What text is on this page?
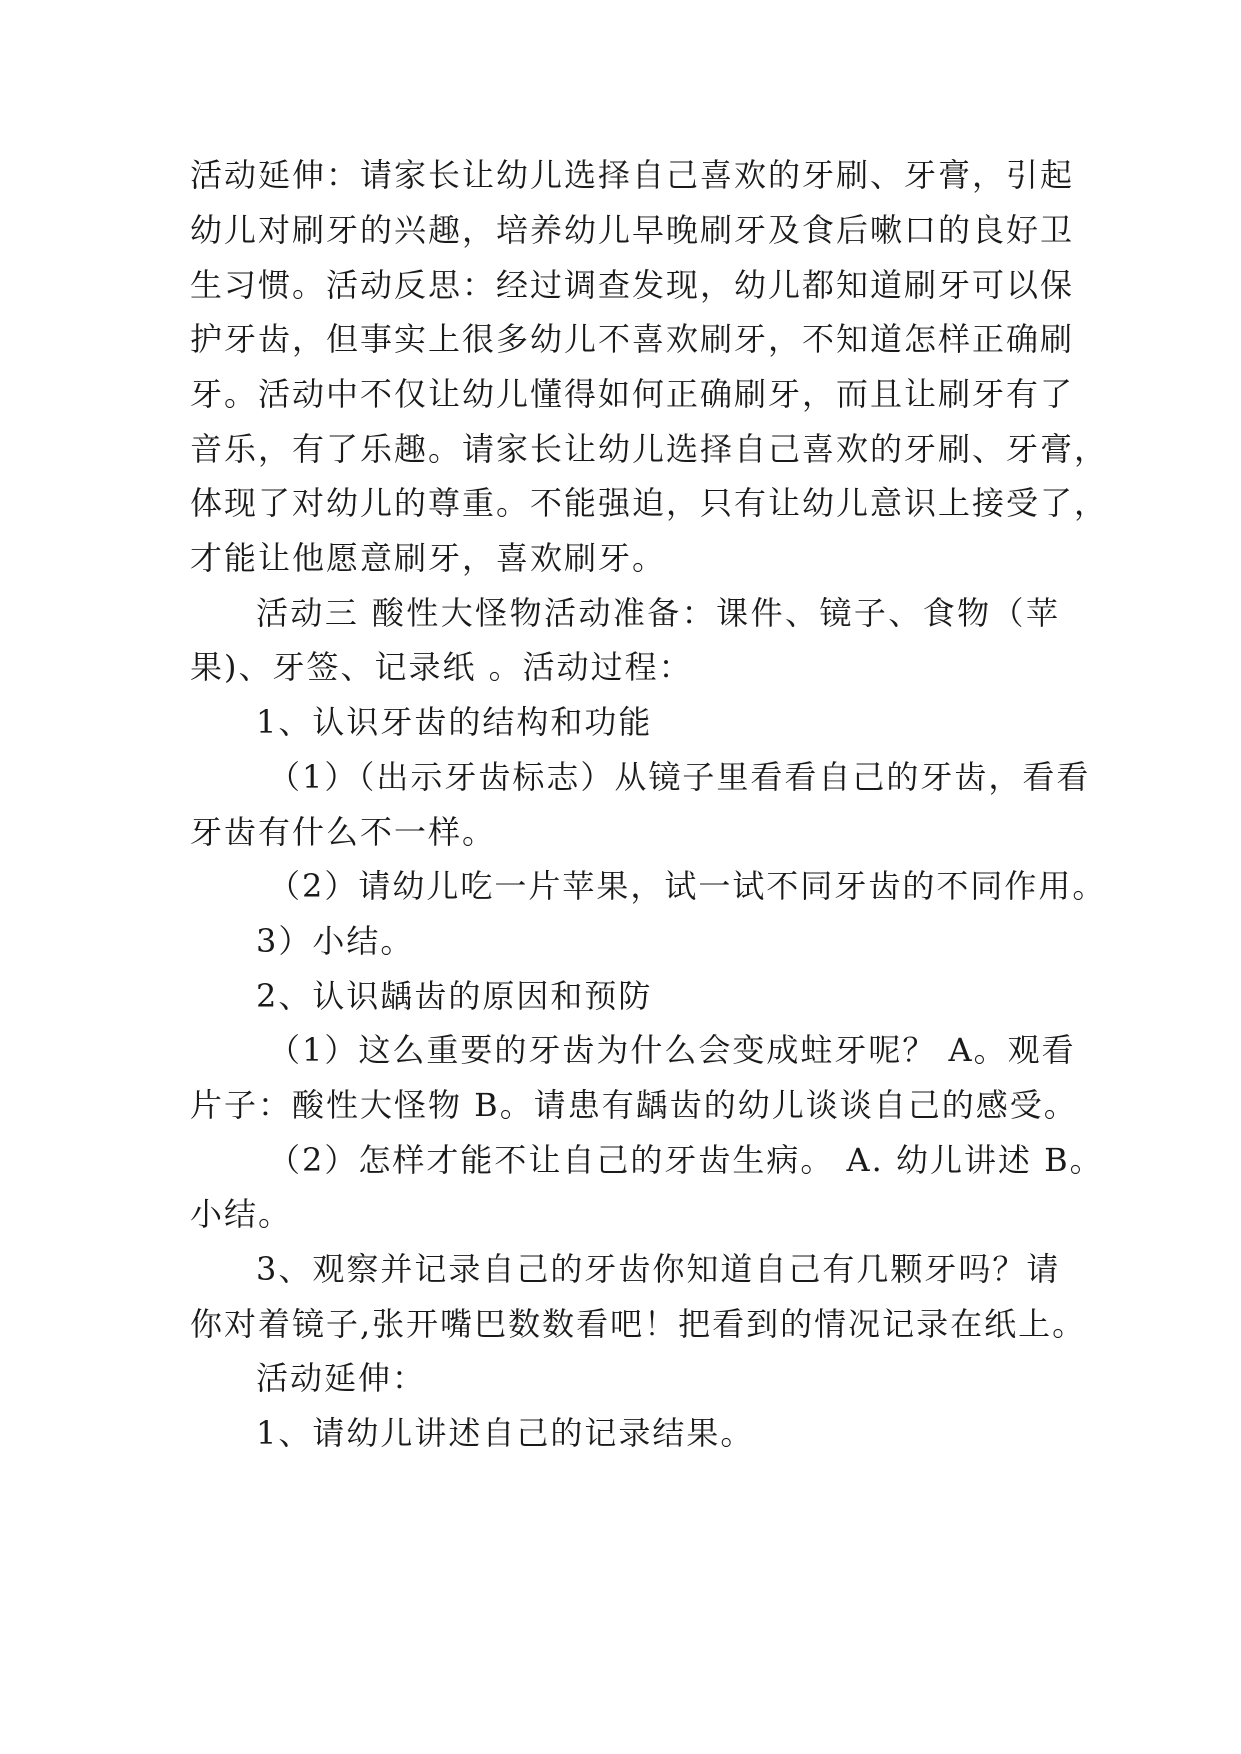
活动延伸：请家长让幼儿选择自己喜欢的牙刷、牙膏，引起
幼儿对刷牙的兴趣，培养幼儿早晚刷牙及食后嗽口的良好卫
生习惯。活动反思：经过调查发现，幼儿都知道刷牙可以保
护牙齿，但事实上很多幼儿不喜欢刷牙，不知道怎样正确刷
牙。活动中不仅让幼儿懂得如何正确刷牙，而且让刷牙有了
音乐，有了乐趣。请家长让幼儿选择自己喜欢的牙刷、牙膏，
体现了对幼儿的尊重。不能强迫，只有让幼儿意识上接受了，
才能让他愿意刷牙，喜欢刷牙。
活动三 酸性大怪物活动准备：课件、镜子、食物（苹
果)、牙签、记录纸 。活动过程：
1、认识牙齿的结构和功能
（1）（出示牙齿标志）从镜子里看看自己的牙齿，看看
牙齿有什么不一样。
（2）请幼儿吃一片苹果，试一试不同牙齿的不同作用。
3）小结。
2、认识龋齿的原因和预防
（1）这么重要的牙齿为什么会变成蛀牙呢？ A。观看
片子：酸性大怪物 B。请患有龋齿的幼儿谈谈自己的感受。
（2）怎样才能不让自己的牙齿生病。 A. 幼儿讲述 B。
小结。
3、观察并记录自己的牙齿你知道自己有几颗牙吗？请
你对着镜子,张开嘴巴数数看吧！把看到的情况记录在纸上。
活动延伸：
1、请幼儿讲述自己的记录结果。
